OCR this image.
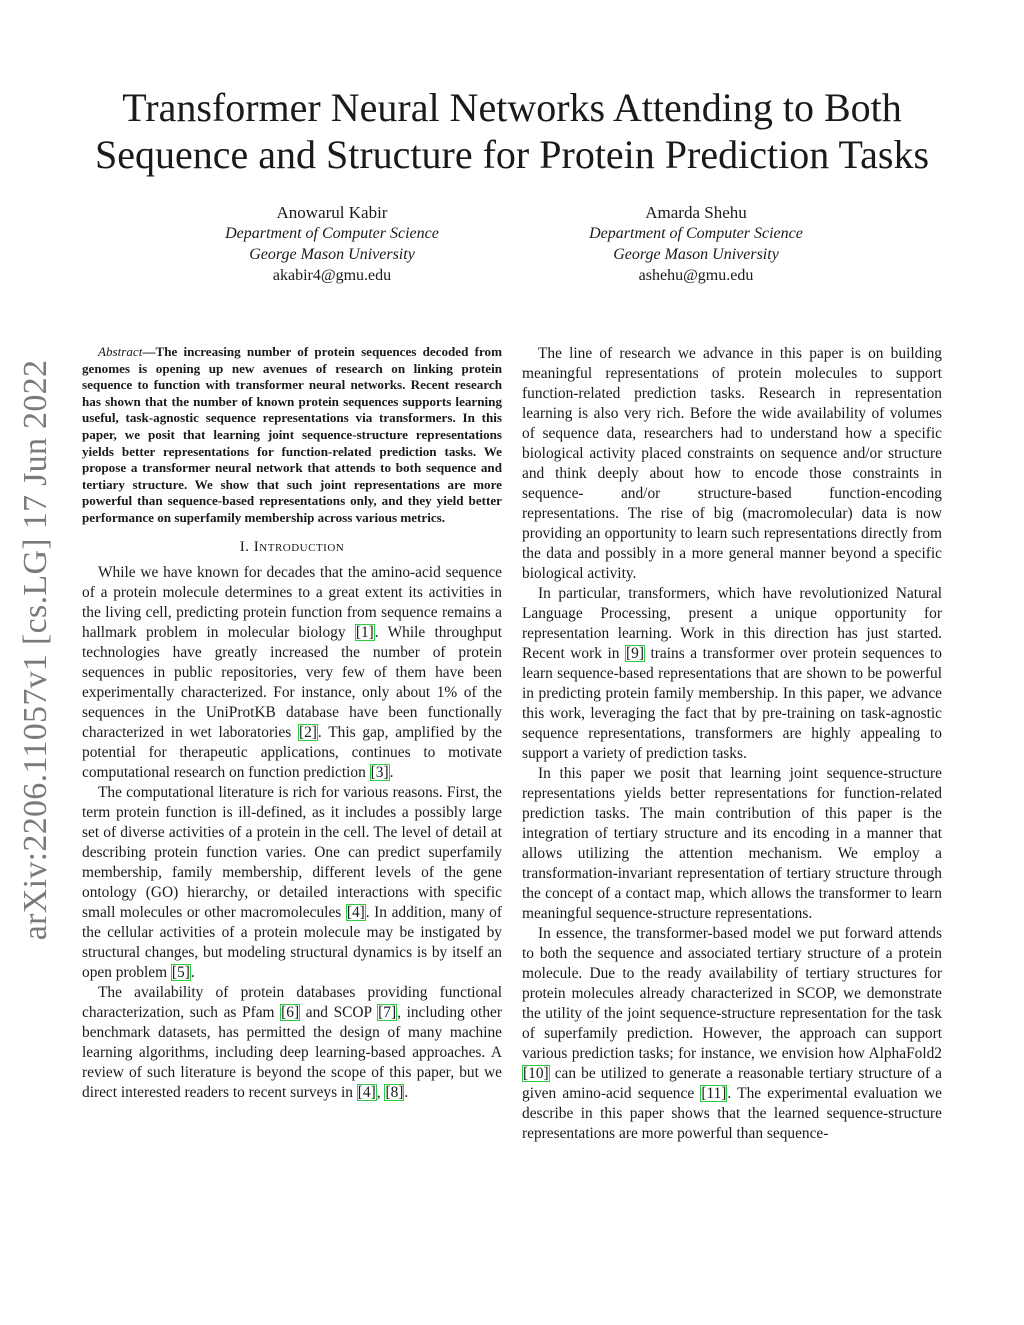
arXiv:2206.11057v1 [cs.LG] 17 Jun 2022
Transformer Neural Networks Attending to Both
Sequence and Structure for Protein Prediction Tasks
Anowarul Kabir
Department of Computer Science
George Mason University
akabir4@gmu.edu
Amarda Shehu
Department of Computer Science
George Mason University
ashehu@gmu.edu

Abstract—The increasing number of protein sequences decoded from genomes is opening up new avenues of research on linking protein sequence to function with transformer neural networks. Recent research has shown that the number of known protein sequences supports learning useful, task-agnostic sequence representations via transformers. In this paper, we posit that learning joint sequence-structure representations yields better representations for function-related prediction tasks. We propose a transformer neural network that attends to both sequence and tertiary structure. We show that such joint representations are more powerful than sequence-based representations only, and they yield better performance on superfamily membership across various metrics.

I. Introduction

While we have known for decades that the amino-acid sequence of a protein molecule determines to a great extent its activities in the living cell, predicting protein function from sequence remains a hallmark problem in molecular biology [1]. While throughput technologies have greatly increased the number of protein sequences in public repositories, very few of them have been experimentally characterized. For instance, only about 1% of the sequences in the UniProtKB database have been functionally characterized in wet laboratories [2]. This gap, amplified by the potential for therapeutic applications, continues to motivate computational research on function prediction [3].

The computational literature is rich for various reasons. First, the term protein function is ill-defined, as it includes a possibly large set of diverse activities of a protein in the cell. The level of detail at describing protein function varies. One can predict superfamily membership, family membership, different levels of the gene ontology (GO) hierarchy, or detailed interactions with specific small molecules or other macromolecules [4]. In addition, many of the cellular activities of a protein molecule may be instigated by structural changes, but modeling structural dynamics is by itself an open problem [5].

The availability of protein databases providing functional characterization, such as Pfam [6] and SCOP [7], including other benchmark datasets, has permitted the design of many machine learning algorithms, including deep learning-based approaches. A review of such literature is beyond the scope of this paper, but we direct interested readers to recent surveys in [4], [8].

The line of research we advance in this paper is on building meaningful representations of protein molecules to support function-related prediction tasks. Research in representation learning is also very rich. Before the wide availability of volumes of sequence data, researchers had to understand how a specific biological activity placed constraints on sequence and/or structure and think deeply about how to encode those constraints in sequence- and/or structure-based function-encoding representations. The rise of big (macromolecular) data is now providing an opportunity to learn such representations directly from the data and possibly in a more general manner beyond a specific biological activity.

In particular, transformers, which have revolutionized Natural Language Processing, present a unique opportunity for representation learning. Work in this direction has just started. Recent work in [9] trains a transformer over protein sequences to learn sequence-based representations that are shown to be powerful in predicting protein family membership. In this paper, we advance this work, leveraging the fact that by pre-training on task-agnostic sequence representations, transformers are highly appealing to support a variety of prediction tasks.

In this paper we posit that learning joint sequence-structure representations yields better representations for function-related prediction tasks. The main contribution of this paper is the integration of tertiary structure and its encoding in a manner that allows utilizing the attention mechanism. We employ a transformation-invariant representation of tertiary structure through the concept of a contact map, which allows the transformer to learn meaningful sequence-structure representations.

In essence, the transformer-based model we put forward attends to both the sequence and associated tertiary structure of a protein molecule. Due to the ready availability of tertiary structures for protein molecules already characterized in SCOP, we demonstrate the utility of the joint sequence-structure representation for the task of superfamily prediction. However, the approach can support various prediction tasks; for instance, we envision how AlphaFold2 [10] can be utilized to generate a reasonable tertiary structure of a given amino-acid sequence [11]. The experimental evaluation we describe in this paper shows that the learned sequence-structure representations are more powerful than sequence-
